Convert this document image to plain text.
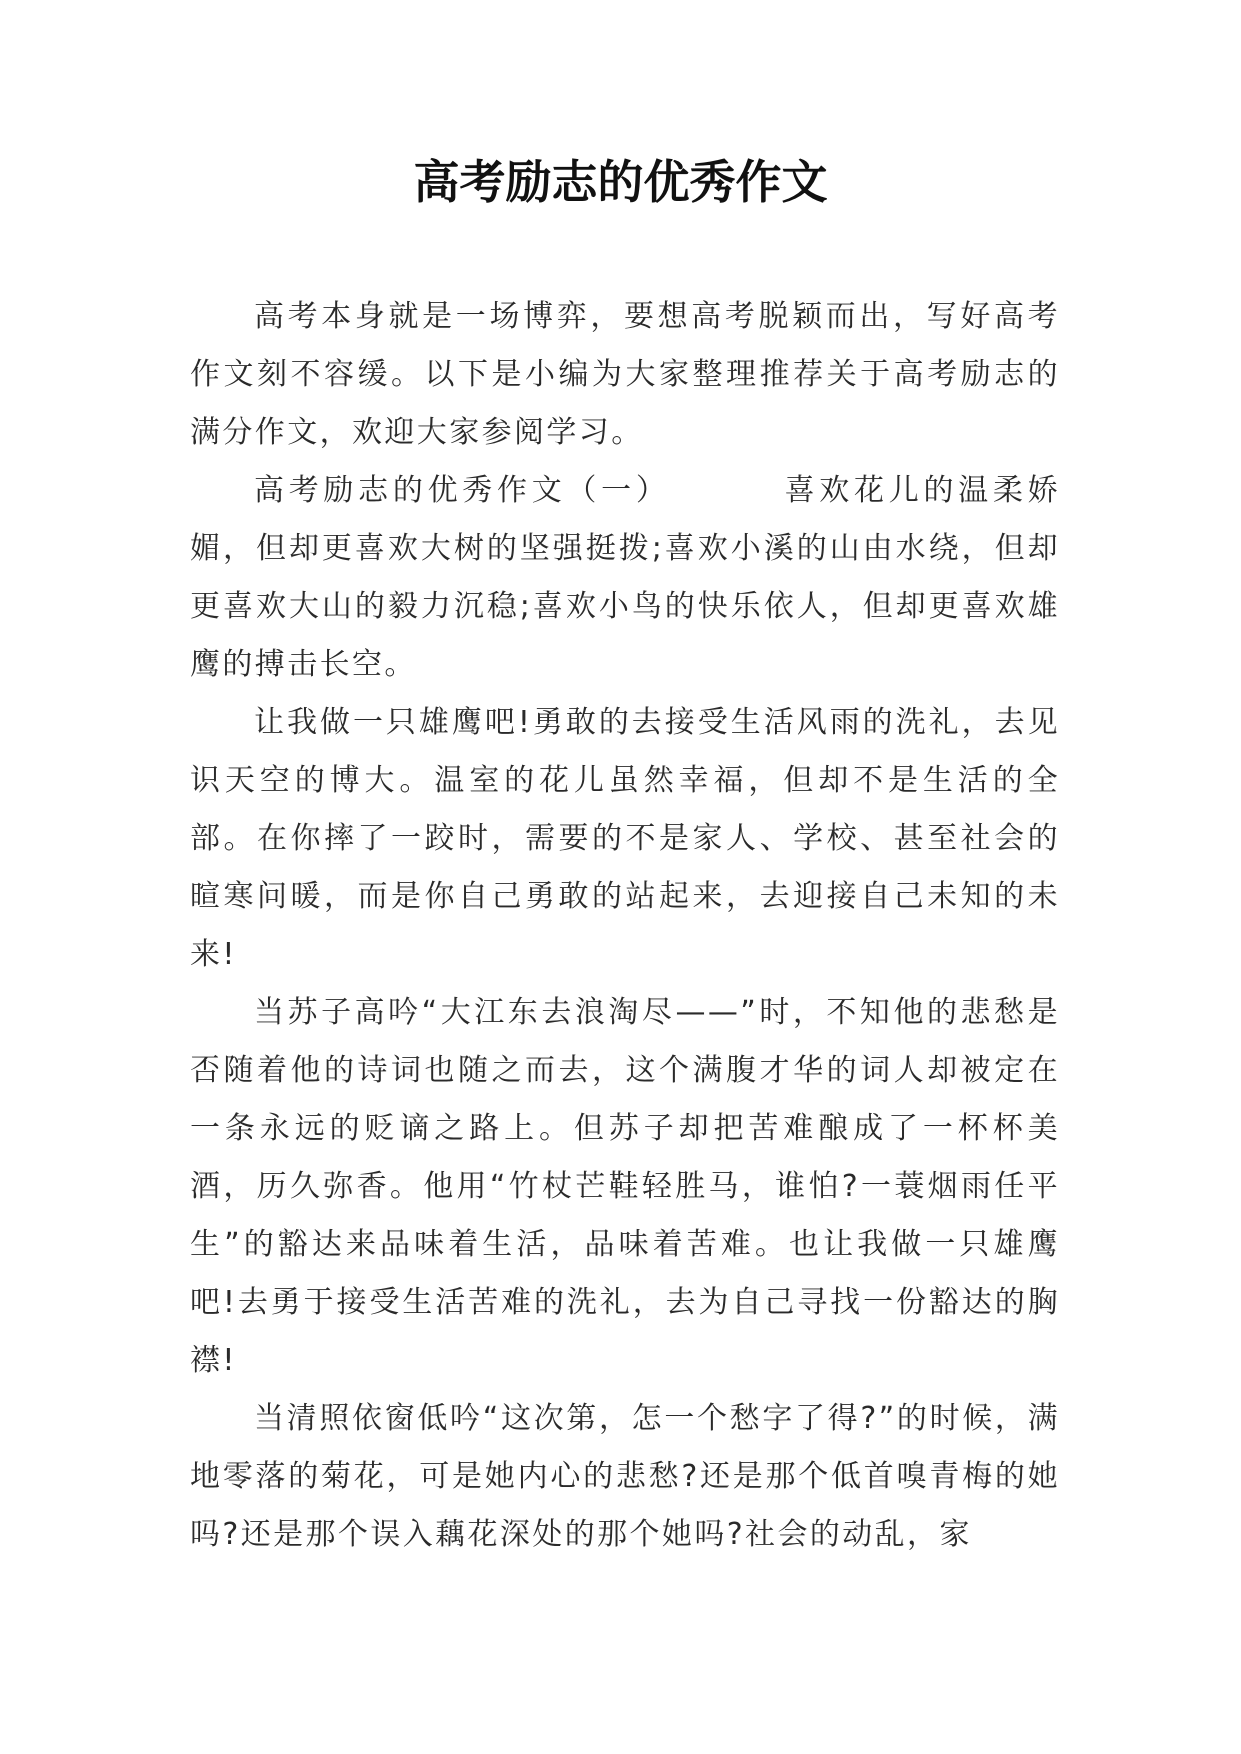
高考励志的优秀作文

高考本身就是一场博弈，要想高考脱颖而出，写好高考作文刻不容缓。以下是小编为大家整理推荐关于高考励志的满分作文，欢迎大家参阅学习。

高考励志的优秀作文（一）        喜欢花儿的温柔娇媚，但却更喜欢大树的坚强挺拨;喜欢小溪的山由水绕，但却更喜欢大山的毅力沉稳;喜欢小鸟的快乐依人，但却更喜欢雄鹰的搏击长空。

让我做一只雄鹰吧!勇敢的去接受生活风雨的洗礼，去见识天空的博大。温室的花儿虽然幸福，但却不是生活的全部。在你摔了一跤时，需要的不是家人、学校、甚至社会的暄寒问暖，而是你自己勇敢的站起来，去迎接自己未知的未来!

当苏子高吟“大江东去浪淘尽——”时，不知他的悲愁是否随着他的诗词也随之而去，这个满腹才华的词人却被定在一条永远的贬谪之路上。但苏子却把苦难酿成了一杯杯美酒，历久弥香。他用“竹杖芒鞋轻胜马，谁怕?一蓑烟雨任平生”的豁达来品味着生活，品味着苦难。也让我做一只雄鹰吧!去勇于接受生活苦难的洗礼，去为自己寻找一份豁达的胸襟!

当清照依窗低吟“这次第，怎一个愁字了得?”的时候，满地零落的菊花，可是她内心的悲愁?还是那个低首嗅青梅的她吗?还是那个误入藕花深处的那个她吗?社会的动乱，家
